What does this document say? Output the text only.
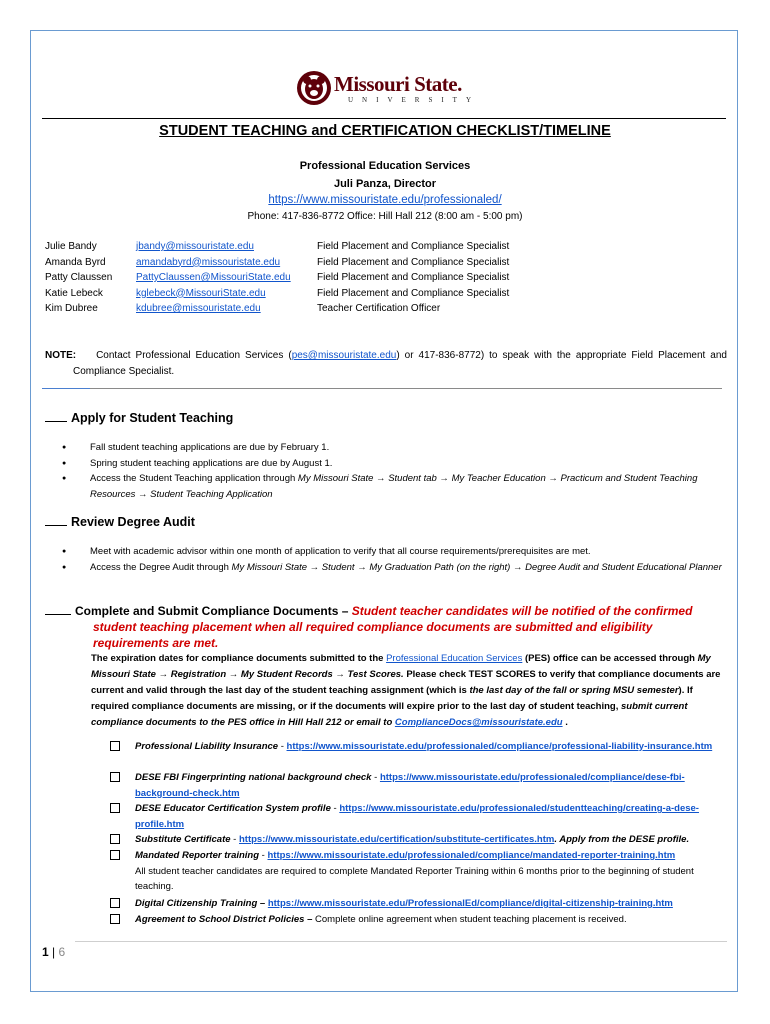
Missouri State.
UNIVERSITY
STUDENT TEACHING and CERTIFICATION CHECKLIST/TIMELINE
Professional Education Services
Juli Panza, Director
https://www.missouristate.edu/professionaled/
Phone: 417-836-8772 Office: Hill Hall 212 (8:00 am - 5:00 pm)
Julie Bandy	jbandy@missouristate.edu	Field Placement and Compliance Specialist
Amanda Byrd	amandabyrd@missouristate.edu	Field Placement and Compliance Specialist
Patty Claussen PattyClaussen@MissouriState.edu	Field Placement and Compliance Specialist
Katie Lebeck	kglebeck@MissouriState.edu	Field Placement and Compliance Specialist
Kim Dubree	kdubree@missouristate.edu	Teacher Certification Officer
NOTE: Contact Professional Education Services (pes@missouristate.edu) or 417-836-8772) to speak with the appropriate Field Placement and
Compliance Specialist.
Apply for Student Teaching
● Fall student teaching applications are due by February 1.
● Spring student teaching applications are due by August 1.
● Access the Student Teaching application through My Missouri State → Student tab → My Teacher Education → Practicum and Student Teaching Resources → Student Teaching Application
Review Degree Audit
● Meet with academic advisor within one month of application to verify that all course requirements/prerequisites are met.
● Access the Degree Audit through My Missouri State → Student → My Graduation Path (on the right) → Degree Audit and Student Educational Planner
Complete and Submit Compliance Documents – Student teacher candidates will be notified of the confirmed
student teaching placement when all required compliance documents are submitted and eligibility requirements are met.
The expiration dates for compliance documents submitted to the Professional Education Services (PES) office can be accessed through My Missouri State → Registration → My Student Records → Test Scores. Please check TEST SCORES to verify that compliance documents are current and valid through the last day of the student teaching assignment (which is the last day of the fall or spring MSU semester). If required compliance documents are missing, or if the documents will expire prior to the last day of student teaching, submit current compliance documents to the PES office in Hill Hall 212 or email to ComplianceDocs@missouristate.edu .
Professional Liability Insurance - https://www.missouristate.edu/professionaled/compliance/professional-liability-insurance.htm
DESE FBI Fingerprinting national background check - https://www.missouristate.edu/professionaled/compliance/dese-fbi-background-check.htm
DESE Educator Certification System profile - https://www.missouristate.edu/professionaled/studentteaching/creating-a-dese-profile.htm
Substitute Certificate - https://www.missouristate.edu/certification/substitute-certificates.htm. Apply from the DESE profile.
Mandated Reporter training - https://www.missouristate.edu/professionaled/compliance/mandated-reporter-training.htm
All student teacher candidates are required to complete Mandated Reporter Training within 6 months prior to the beginning of student teaching.
Digital Citizenship Training – https://www.missouristate.edu/ProfessionalEd/compliance/digital-citizenship-training.htm
Agreement to School District Policies – Complete online agreement when student teaching placement is received.
1 | 6
